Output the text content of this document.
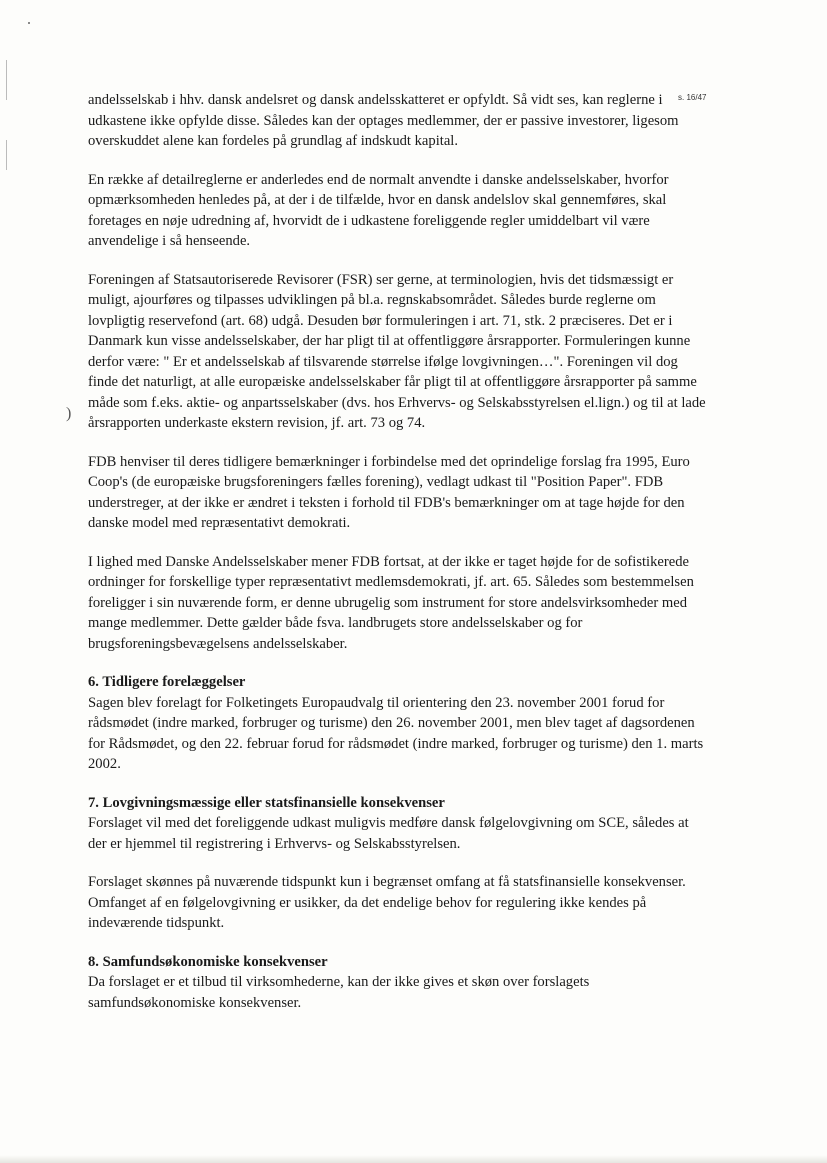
)
s. 16/47

andelsselskab i hhv. dansk andelsret og dansk andelsskatteret er opfyldt. Så vidt ses, kan reglerne i udkastene ikke opfylde disse. Således kan der optages medlemmer, der er passive investorer, ligesom overskuddet alene kan fordeles på grundlag af indskudt kapital.

En række af detailreglerne er anderledes end de normalt anvendte i danske andelsselskaber, hvorfor opmærksomheden henledes på, at der i de tilfælde, hvor en dansk andelslov skal gennemføres, skal foretages en nøje udredning af, hvorvidt de i udkastene foreliggende regler umiddelbart vil være anvendelige i så henseende.

Foreningen af Statsautoriserede Revisorer (FSR) ser gerne, at terminologien, hvis det tidsmæssigt er muligt, ajourføres og tilpasses udviklingen på bl.a. regnskabsområdet. Således burde reglerne om lovpligtig reservefond (art. 68) udgå. Desuden bør formuleringen i art. 71, stk. 2 præciseres. Det er i Danmark kun visse andelsselskaber, der har pligt til at offentliggøre årsrapporter. Formuleringen kunne derfor være: " Er et andelsselskab af tilsvarende størrelse ifølge lovgivningen…". Foreningen vil dog finde det naturligt, at alle europæiske andelsselskaber får pligt til at offentliggøre årsrapporter på samme måde som f.eks. aktie- og anpartsselskaber (dvs. hos Erhvervs- og Selskabsstyrelsen el.lign.) og til at lade årsrapporten underkaste ekstern revision, jf. art. 73 og 74.

FDB henviser til deres tidligere bemærkninger i forbindelse med det oprindelige forslag fra 1995, Euro Coop's (de europæiske brugsforeningers fælles forening), vedlagt udkast til "Position Paper". FDB understreger, at der ikke er ændret i teksten i forhold til FDB's bemærkninger om at tage højde for den danske model med repræsentativt demokrati.

I lighed med Danske Andelsselskaber mener FDB fortsat, at der ikke er taget højde for de sofistikerede ordninger for forskellige typer repræsentativt medlemsdemokrati, jf. art. 65. Således som bestemmelsen foreligger i sin nuværende form, er denne ubrugelig som instrument for store andelsvirksomheder med mange medlemmer. Dette gælder både fsva. landbrugets store andelsselskaber og for brugsforeningsbevægelsens andelsselskaber.

6. Tidligere forelæggelser
Sagen blev forelagt for Folketingets Europaudvalg til orientering den 23. november 2001 forud for rådsmødet (indre marked, forbruger og turisme) den 26. november 2001, men blev taget af dagsordenen for Rådsmødet, og den 22. februar forud for rådsmødet (indre marked, forbruger og turisme) den 1. marts 2002.

7. Lovgivningsmæssige eller statsfinansielle konsekvenser
Forslaget vil med det foreliggende udkast muligvis medføre dansk følgelovgivning om SCE, således at der er hjemmel til registrering i Erhvervs- og Selskabsstyrelsen.

Forslaget skønnes på nuværende tidspunkt kun i begrænset omfang at få statsfinansielle konsekvenser. Omfanget af en følgelovgivning er usikker, da det endelige behov for regulering ikke kendes på indeværende tidspunkt.

8. Samfundsøkonomiske konsekvenser
Da forslaget er et tilbud til virksomhederne, kan der ikke gives et skøn over forslagets samfundsøkonomiske konsekvenser.
